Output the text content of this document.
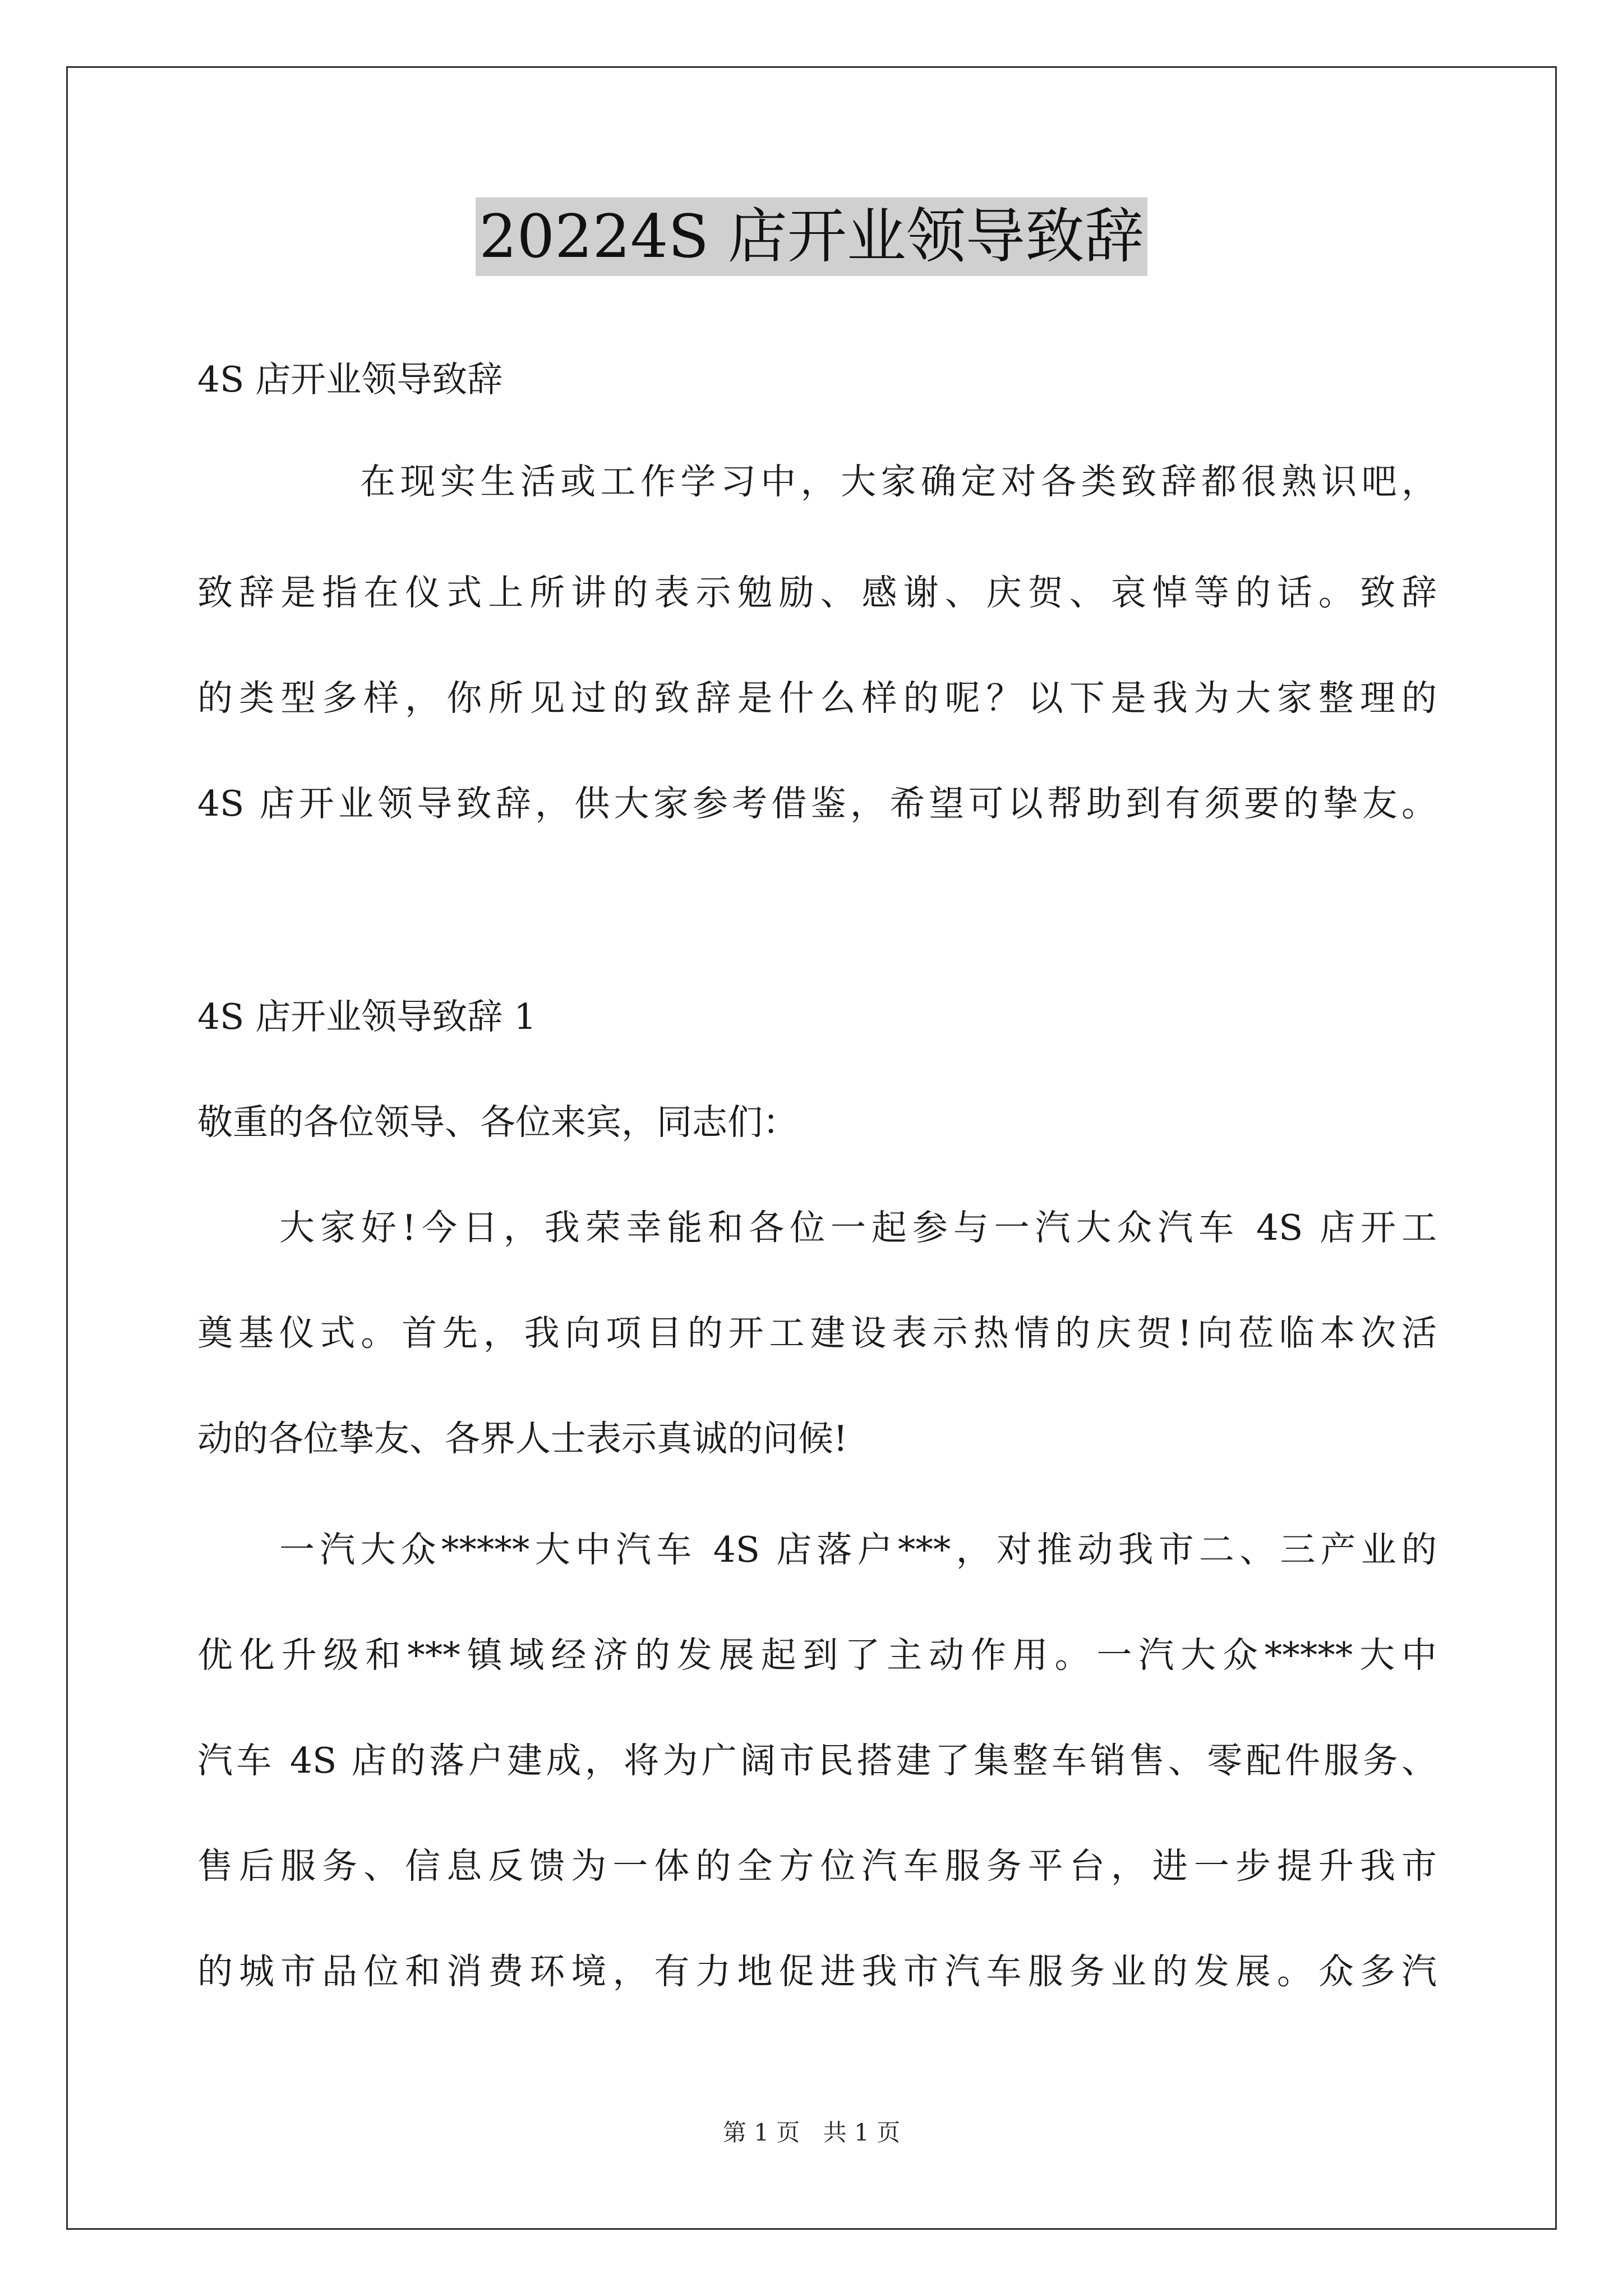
20224S 店开业领导致辞
4S 店开业领导致辞
在现实生活或工作学习中，大家确定对各类致辞都很熟识吧，
致辞是指在仪式上所讲的表示勉励、感谢、庆贺、哀悼等的话。致辞
的类型多样，你所见过的致辞是什么样的呢？以下是我为大家整理的
4S 店开业领导致辞，供大家参考借鉴，希望可以帮助到有须要的挚友。
4S 店开业领导致辞 1
敬重的各位领导、各位来宾，同志们：
大家好!今日，我荣幸能和各位一起参与一汽大众汽车 4S 店开工
奠基仪式。首先，我向项目的开工建设表示热情的庆贺!向莅临本次活
动的各位挚友、各界人士表示真诚的问候!
一汽大众*****大中汽车 4S 店落户***，对推动我市二、三产业的
优化升级和***镇域经济的发展起到了主动作用。一汽大众*****大中
汽车 4S 店的落户建成，将为广阔市民搭建了集整车销售、零配件服务、
售后服务、信息反馈为一体的全方位汽车服务平台，进一步提升我市
的城市品位和消费环境，有力地促进我市汽车服务业的发展。众多汽
第 1 页 共 1 页
